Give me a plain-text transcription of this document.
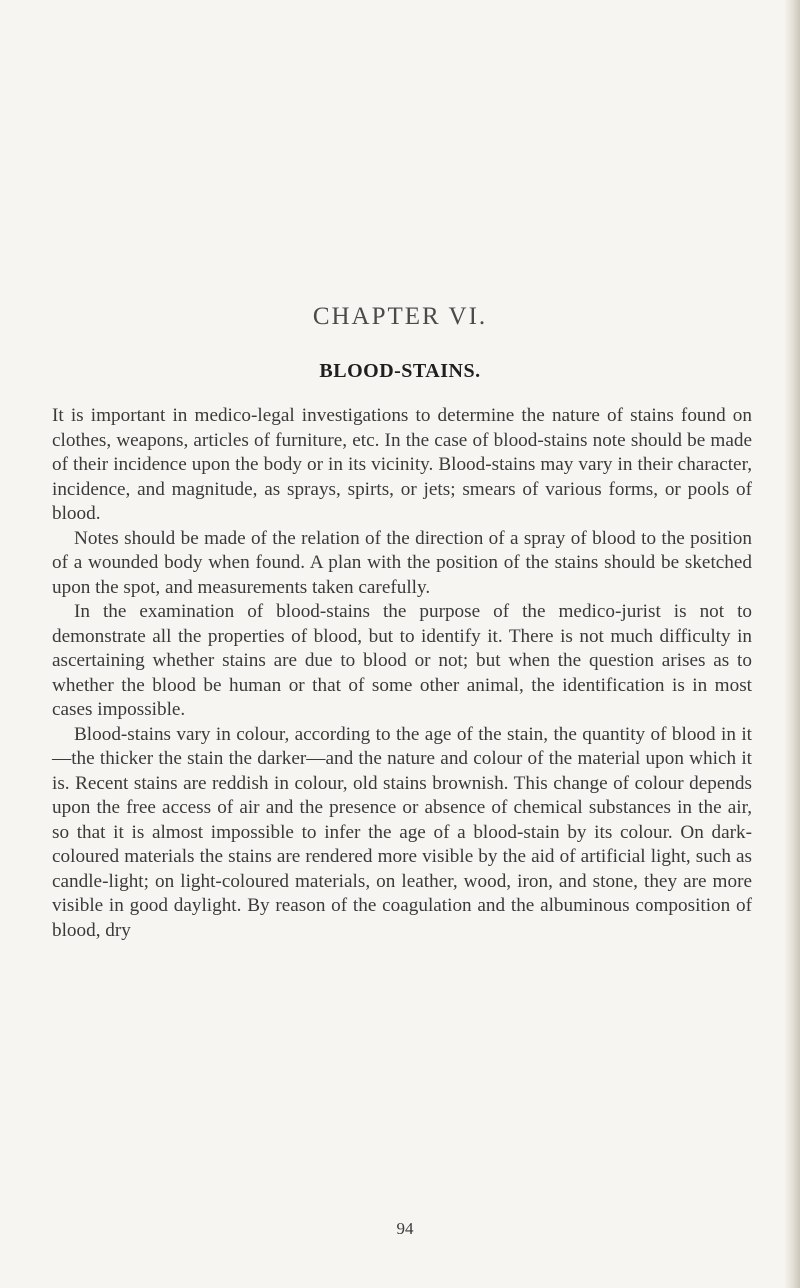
CHAPTER VI.
BLOOD-STAINS.

It is important in medico-legal investigations to determine the nature of stains found on clothes, weapons, articles of furniture, etc. In the case of blood-stains note should be made of their incidence upon the body or in its vicinity. Blood-stains may vary in their character, incidence, and magnitude, as sprays, spirts, or jets; smears of various forms, or pools of blood.

Notes should be made of the relation of the direction of a spray of blood to the position of a wounded body when found. A plan with the position of the stains should be sketched upon the spot, and measurements taken carefully.

In the examination of blood-stains the purpose of the medico-jurist is not to demonstrate all the properties of blood, but to identify it. There is not much difficulty in ascertaining whether stains are due to blood or not; but when the question arises as to whether the blood be human or that of some other animal, the identification is in most cases impossible.

Blood-stains vary in colour, according to the age of the stain, the quantity of blood in it—the thicker the stain the darker—and the nature and colour of the material upon which it is. Recent stains are reddish in colour, old stains brownish. This change of colour depends upon the free access of air and the presence or absence of chemical substances in the air, so that it is almost impossible to infer the age of a blood-stain by its colour. On dark-coloured materials the stains are rendered more visible by the aid of artificial light, such as candle-light; on light-coloured materials, on leather, wood, iron, and stone, they are more visible in good daylight. By reason of the coagulation and the albuminous composition of blood, dry

94
